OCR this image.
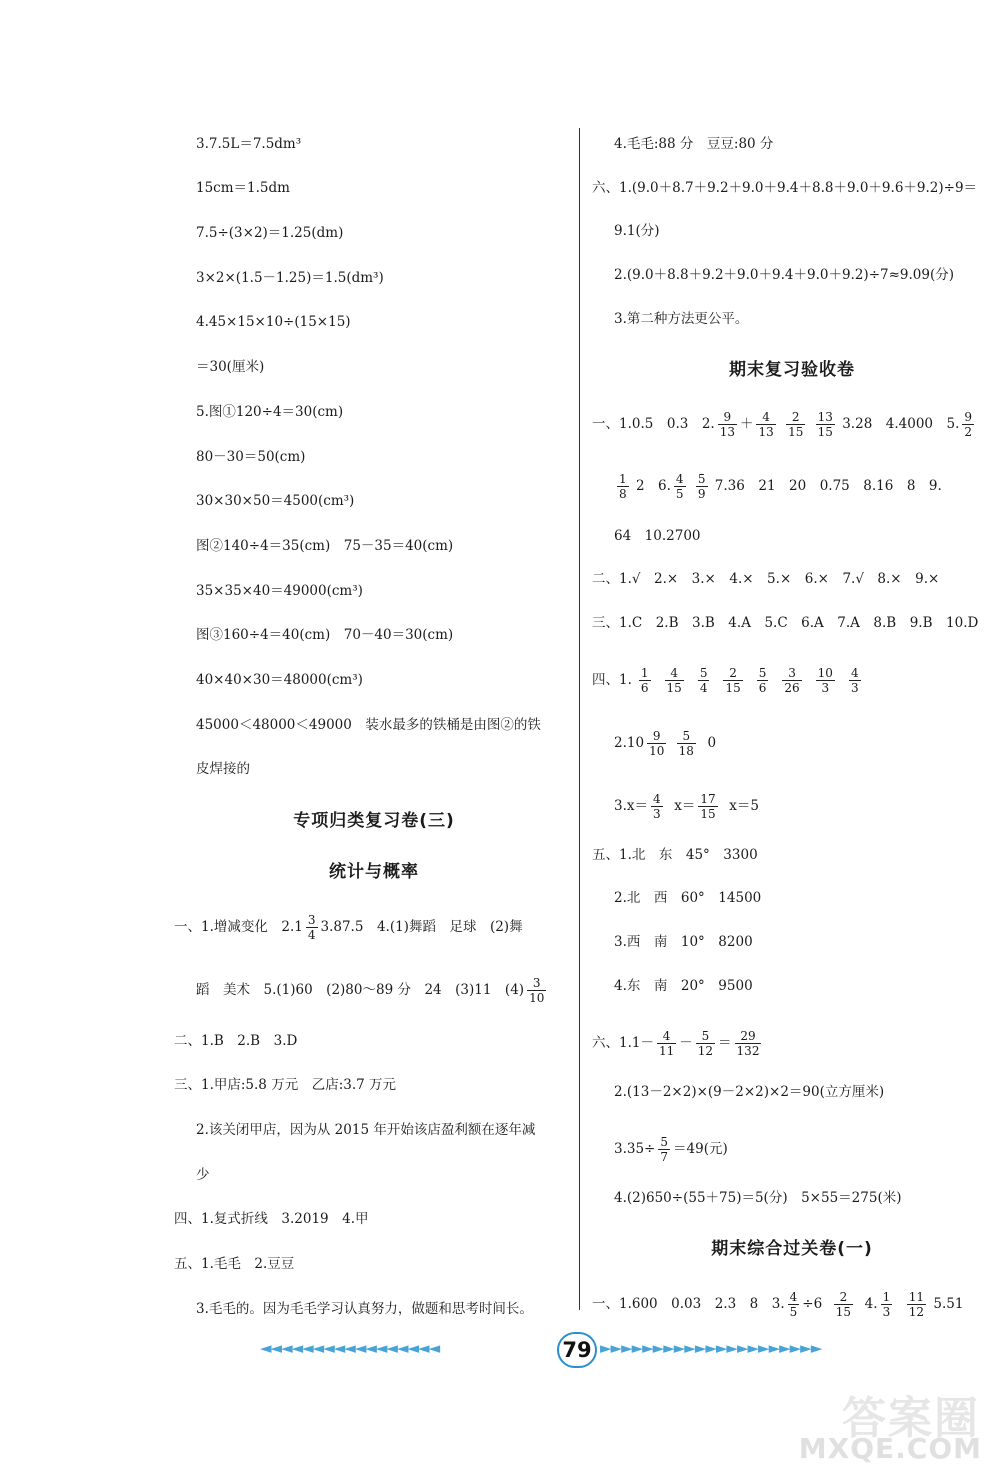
3.7.5L＝7.5dm³
15cm＝1.5dm
7.5÷(3×2)＝1.25(dm)
3×2×(1.5－1.25)＝1.5(dm³)
4.45×15×10÷(15×15)
＝30(厘米)
5.图①120÷4＝30(cm)
80－30＝50(cm)
30×30×50＝4500(cm³)
图②140÷4＝35(cm)　75－35＝40(cm)
35×35×40＝49000(cm³)
图③160÷4＝40(cm)　70－40＝30(cm)
40×40×30＝48000(cm³)
45000＜48000＜49000　装水最多的铁桶是由图②的铁
皮焊接的
专项归类复习卷(三)
统计与概率
一、1.增减变化　$2.1 \frac{3}{4} 3.87.5$　4.(1)舞蹈　足球　(2)舞
蹈　美术　5.(1)60　(2)80～89 分　24　(3)11　$(4) \frac{3}{10}$
二、1.B　2.B　3.D
三、1.甲店:5.8 万元　乙店:3.7 万元
2.该关闭甲店，因为从 2015 年开始该店盈利额在逐年减
少
四、1.复式折线　3.2019　4.甲
五、1.毛毛　2.豆豆
3.毛毛的。因为毛毛学习认真努力，做题和思考时间长。
4.毛毛:88 分　豆豆:80 分
六、1.(9.0＋8.7＋9.2＋9.0＋9.4＋8.8＋9.0＋9.6＋9.2)÷9＝
9.1(分)
2.(9.0＋8.8＋9.2＋9.0＋9.4＋9.0＋9.2)÷7≈9.09(分)
3.第二种方法更公平。
期末复习验收卷
一、1.0.5　0.3　2. $\frac{9}{13} + \frac{4}{13}$
$\frac{2}{15}$
$\frac{13}{15} 3.28$　4.4000　5. $\frac{9}{2}$
$\frac{1}{8} 2$　6. $\frac{4}{5}$
$\frac{5}{9} 7.36$　21　20　0.75　8.16　8　9.
64　10.2700
二、1.√　2.×　3.×　4.×　5.×　6.×　7.√　8.×　9.×
三、1.C　2.B　3.B　4.A　5.C　6.A　7.A　8.B　9.B　10.D
四、1. $\frac{1}{6} \frac{4}{15} \frac{5}{4} \frac{2}{15} \frac{5}{6} \frac{3}{26} \frac{10}{3} \frac{4}{3}$
$2.10 \frac{9}{10}$
$\frac{5}{18} 0$
$3.x= \frac{4}{3} x= \frac{17}{15} x=5$
五、1.北　东　45°　3300
2.北　西　60°　14500
3.西　南　10°　8200
4.东　南　20°　9500
六、$1.1- \frac{4}{11} - \frac{5}{12} = \frac{29}{132}$
2.(13－2×2)×(9－2×2)×2＝90(立方厘米)
$3.35\div \frac{5}{7} =49$(元)
4.(2)650÷(55＋75)＝5(分)　5×55＝275(米)
期末综合过关卷(一)
一、1.600　0.03　2.3　8　3. $\frac{4}{5} \div 6 \frac{2}{15} 4$. $\frac{1}{3}$
$\frac{11}{12} 5.51$
◄◄◄◄◄◄◄◄◄◄◄◄◄◄◄◄◄	79 ►►►►►►►►►►►►►►►►►►►►►
答案圈
MXQE.COM
